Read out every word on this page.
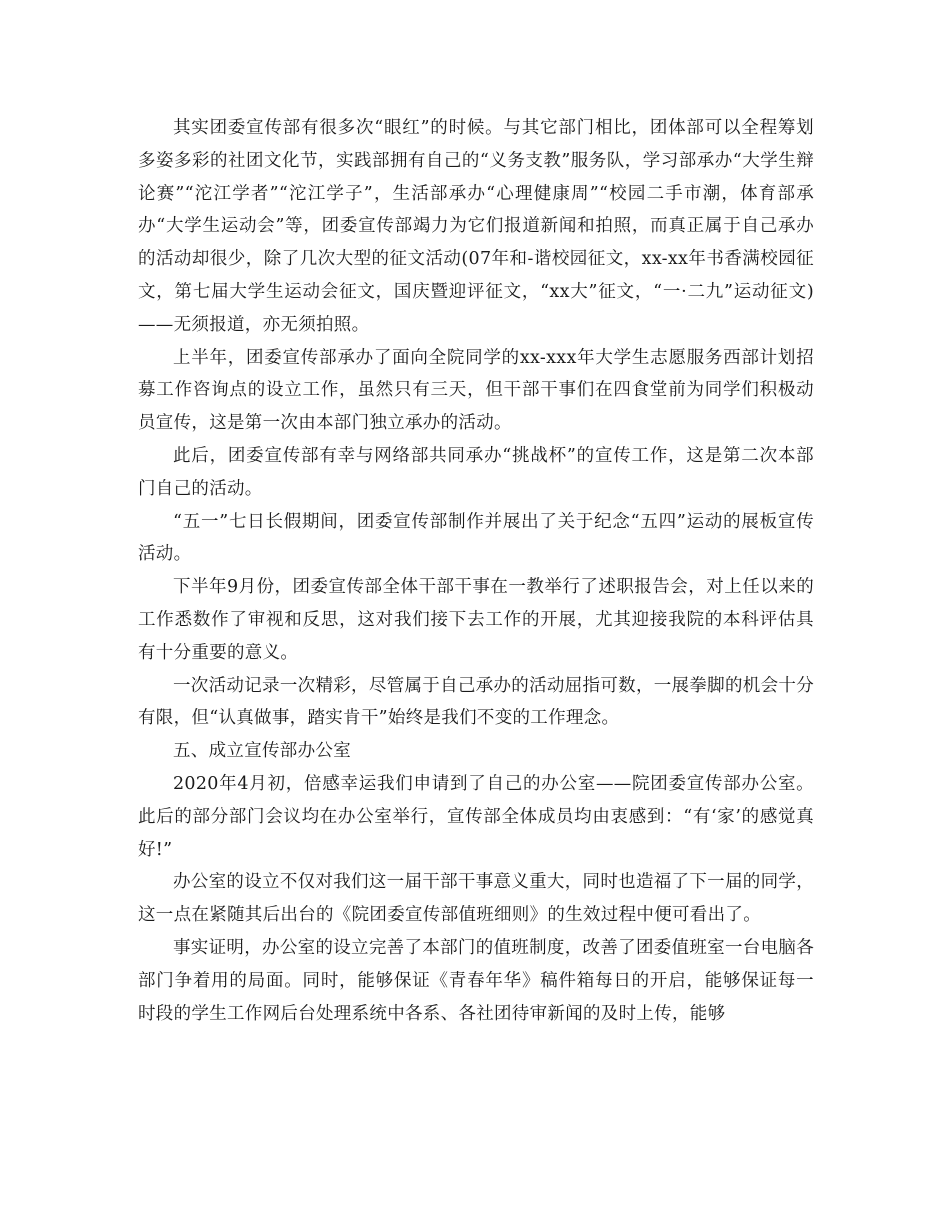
其实团委宣传部有很多次“眼红”的时候。与其它部门相比，团体部可以全程筹划多姿多彩的社团文化节，实践部拥有自己的“义务支教”服务队，学习部承办“大学生辩论赛”“沱江学者”“沱江学子”，生活部承办“心理健康周”“校园二手市潮，体育部承办“大学生运动会”等，团委宣传部竭力为它们报道新闻和拍照，而真正属于自己承办的活动却很少，除了几次大型的征文活动(07年和-谐校园征文，xx-xx年书香满校园征文，第七届大学生运动会征文，国庆暨迎评征文，“xx大”征文，“一·二九”运动征文)——无须报道，亦无须拍照。

上半年，团委宣传部承办了面向全院同学的xx-xxx年大学生志愿服务西部计划招募工作咨询点的设立工作，虽然只有三天，但干部干事们在四食堂前为同学们积极动员宣传，这是第一次由本部门独立承办的活动。

此后，团委宣传部有幸与网络部共同承办“挑战杯”的宣传工作，这是第二次本部门自己的活动。

“五一”七日长假期间，团委宣传部制作并展出了关于纪念“五四”运动的展板宣传活动。

下半年9月份，团委宣传部全体干部干事在一教举行了述职报告会，对上任以来的工作悉数作了审视和反思，这对我们接下去工作的开展，尤其迎接我院的本科评估具有十分重要的意义。

一次活动记录一次精彩，尽管属于自己承办的活动屈指可数，一展拳脚的机会十分有限，但“认真做事，踏实肯干”始终是我们不变的工作理念。

五、成立宣传部办公室

2020年4月初，倍感幸运我们申请到了自己的办公室——院团委宣传部办公室。此后的部分部门会议均在办公室举行，宣传部全体成员均由衷感到：“有‘家’的感觉真好!”

办公室的设立不仅对我们这一届干部干事意义重大，同时也造福了下一届的同学，这一点在紧随其后出台的《院团委宣传部值班细则》的生效过程中便可看出了。

事实证明，办公室的设立完善了本部门的值班制度，改善了团委值班室一台电脑各部门争着用的局面。同时，能够保证《青春年华》稿件箱每日的开启，能够保证每一时段的学生工作网后台处理系统中各系、各社团待审新闻的及时上传，能够
